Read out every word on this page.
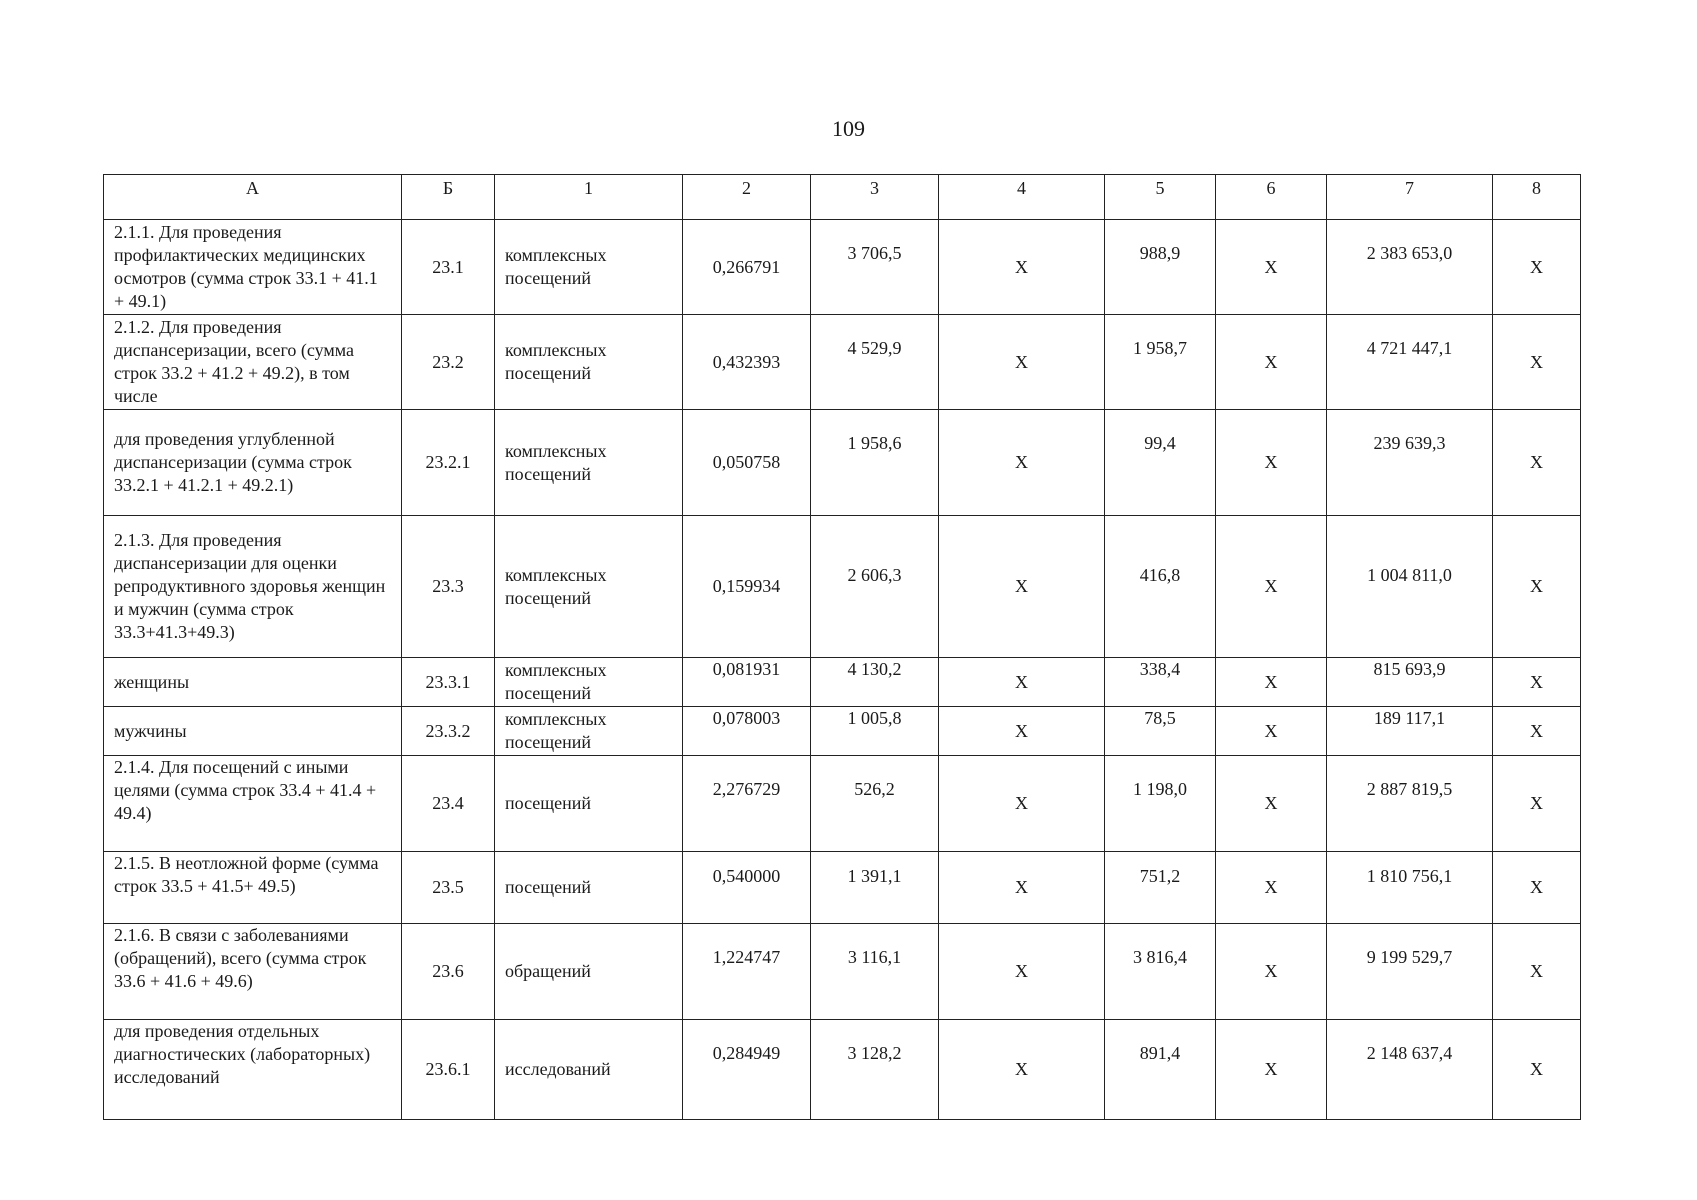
109
А	Б	1	2	3	4	5	6	7	8
2.1.1. Для проведения профилактических медицинских осмотров (сумма строк 33.1 + 41.1 + 49.1)	23.1	комплексных посещений	0,266791	3 706,5	Х	988,9	Х	2 383 653,0	Х
2.1.2. Для проведения диспансеризации, всего (сумма строк 33.2 + 41.2 + 49.2), в том числе	23.2	комплексных посещений	0,432393	4 529,9	Х	1 958,7	Х	4 721 447,1	Х
для проведения углубленной диспансеризации (сумма строк 33.2.1 + 41.2.1 + 49.2.1)	23.2.1	комплексных посещений	0,050758	1 958,6	Х	99,4	Х	239 639,3	Х
2.1.3. Для проведения диспансеризации для оценки репродуктивного здоровья женщин и мужчин (сумма строк 33.3+41.3+49.3)	23.3	комплексных посещений	0,159934	2 606,3	Х	416,8	Х	1 004 811,0	Х
женщины	23.3.1	комплексных посещений	0,081931	4 130,2	Х	338,4	Х	815 693,9	Х
мужчины	23.3.2	комплексных посещений	0,078003	1 005,8	Х	78,5	Х	189 117,1	Х
2.1.4. Для посещений с иными целями (сумма строк 33.4 + 41.4 + 49.4)	23.4	посещений	2,276729	526,2	Х	1 198,0	Х	2 887 819,5	Х
2.1.5. В неотложной форме (сумма строк 33.5 + 41.5+ 49.5)	23.5	посещений	0,540000	1 391,1	Х	751,2	Х	1 810 756,1	Х
2.1.6. В связи с заболеваниями (обращений), всего (сумма строк 33.6 + 41.6 + 49.6)	23.6	обращений	1,224747	3 116,1	Х	3 816,4	Х	9 199 529,7	Х
для проведения отдельных диагностических (лабораторных) исследований	23.6.1	исследований	0,284949	3 128,2	Х	891,4	Х	2 148 637,4	Х
